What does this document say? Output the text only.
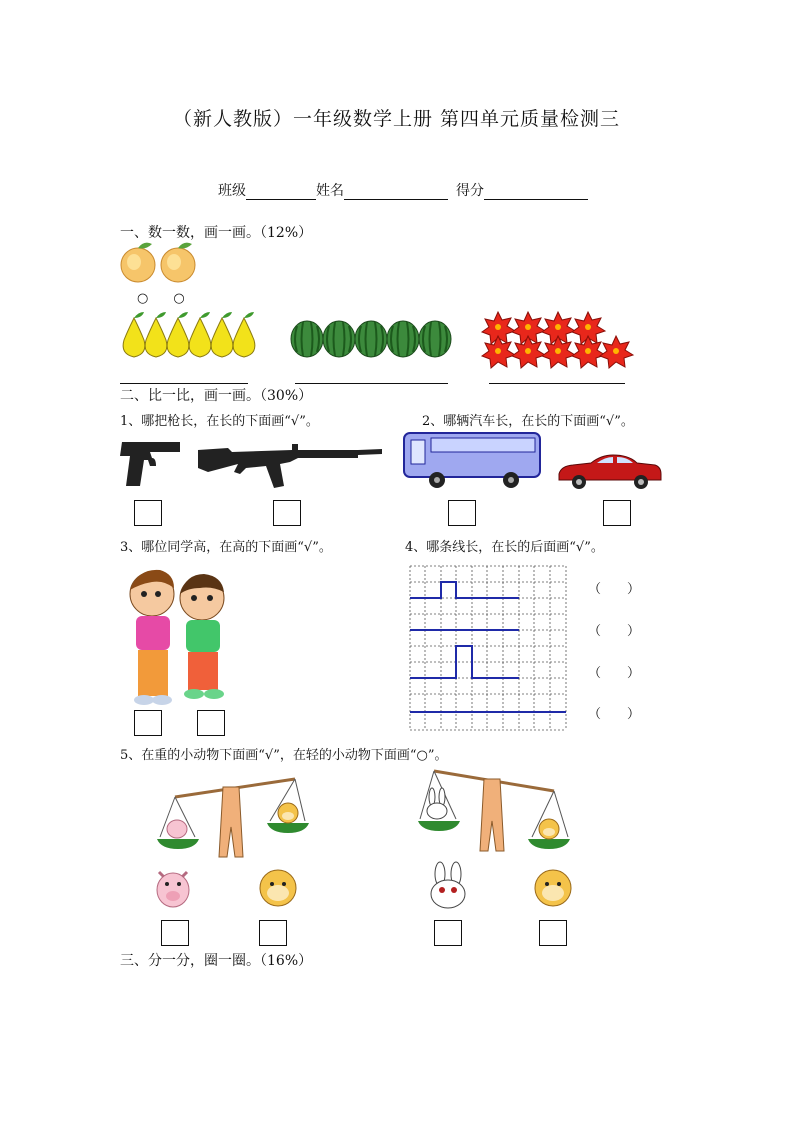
（新人教版）一年级数学上册 第四单元质量检测三
班级	姓名	得分
一、数一数，画一画。（12%）
○　○
二、比一比，画一画。（30%）
1、哪把枪长，在长的下面画“√”。	2、哪辆汽车长，在长的下面画“√”。
3、哪位同学高，在高的下面画“√”。	4、哪条线长，在长的后面画“√”。
（　　）
（　　）
（　　）
（　　）
5、在重的小动物下面画“√”，在轻的小动物下面画“○”。
三、分一分，圈一圈。（16%）
